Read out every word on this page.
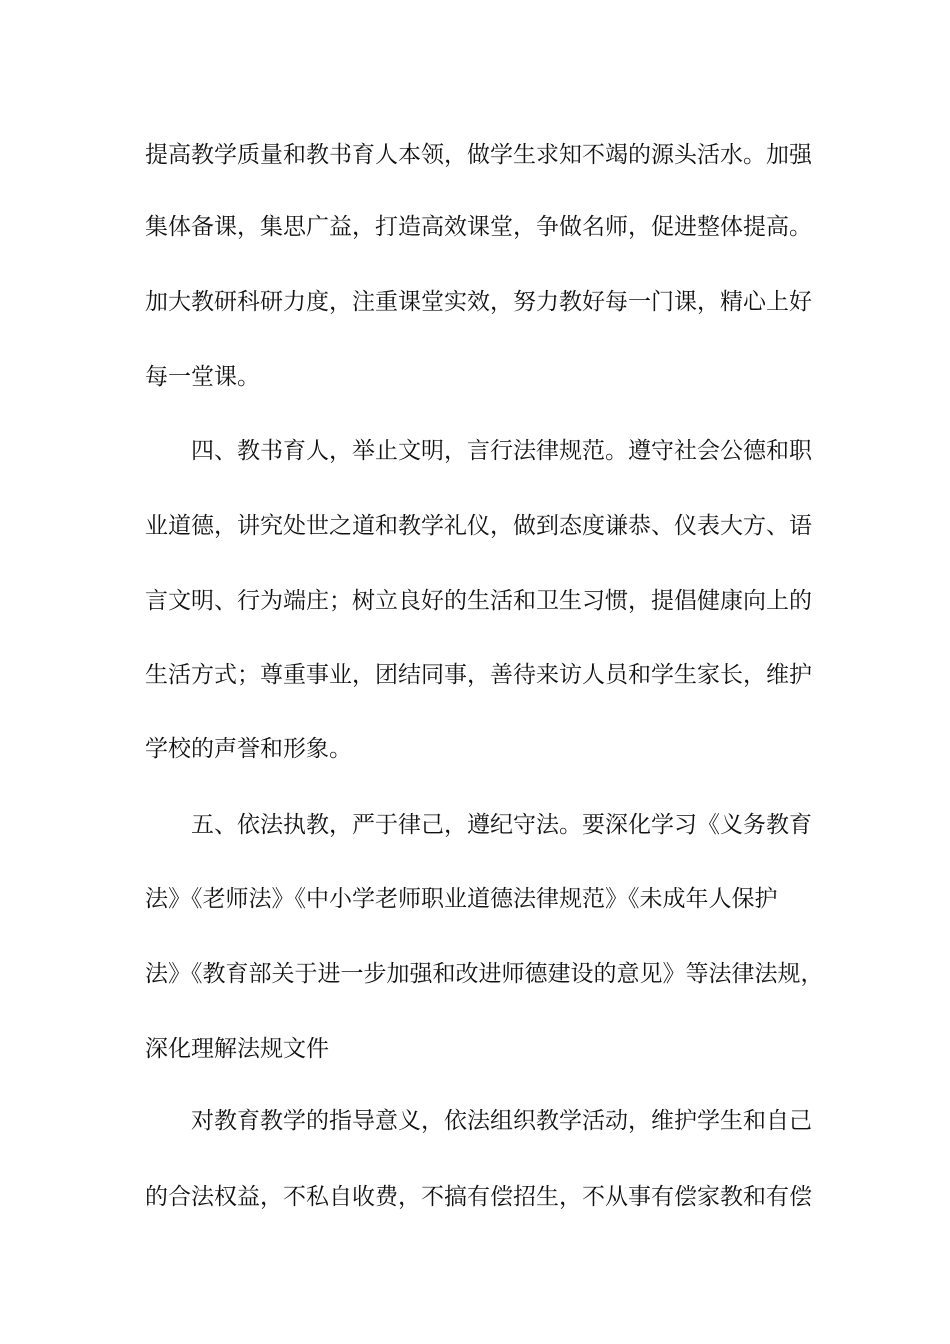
提高教学质量和教书育人本领，做学生求知不竭的源头活水。加强
集体备课，集思广益，打造高效课堂，争做名师，促进整体提高。
加大教研科研力度，注重课堂实效，努力教好每一门课，精心上好
每一堂课。
四、教书育人，举止文明，言行法律规范。遵守社会公德和职
业道德，讲究处世之道和教学礼仪，做到态度谦恭、仪表大方、语
言文明、行为端庄；树立良好的生活和卫生习惯，提倡健康向上的
生活方式；尊重事业，团结同事，善待来访人员和学生家长，维护
学校的声誉和形象。
五、依法执教，严于律己，遵纪守法。要深化学习《义务教育
法》《老师法》《中小学老师职业道德法律规范》《未成年人保护
法》《教育部关于进一步加强和改进师德建设的意见》等法律法规，
深化理解法规文件
对教育教学的指导意义，依法组织教学活动，维护学生和自己
的合法权益，不私自收费，不搞有偿招生，不从事有偿家教和有偿
